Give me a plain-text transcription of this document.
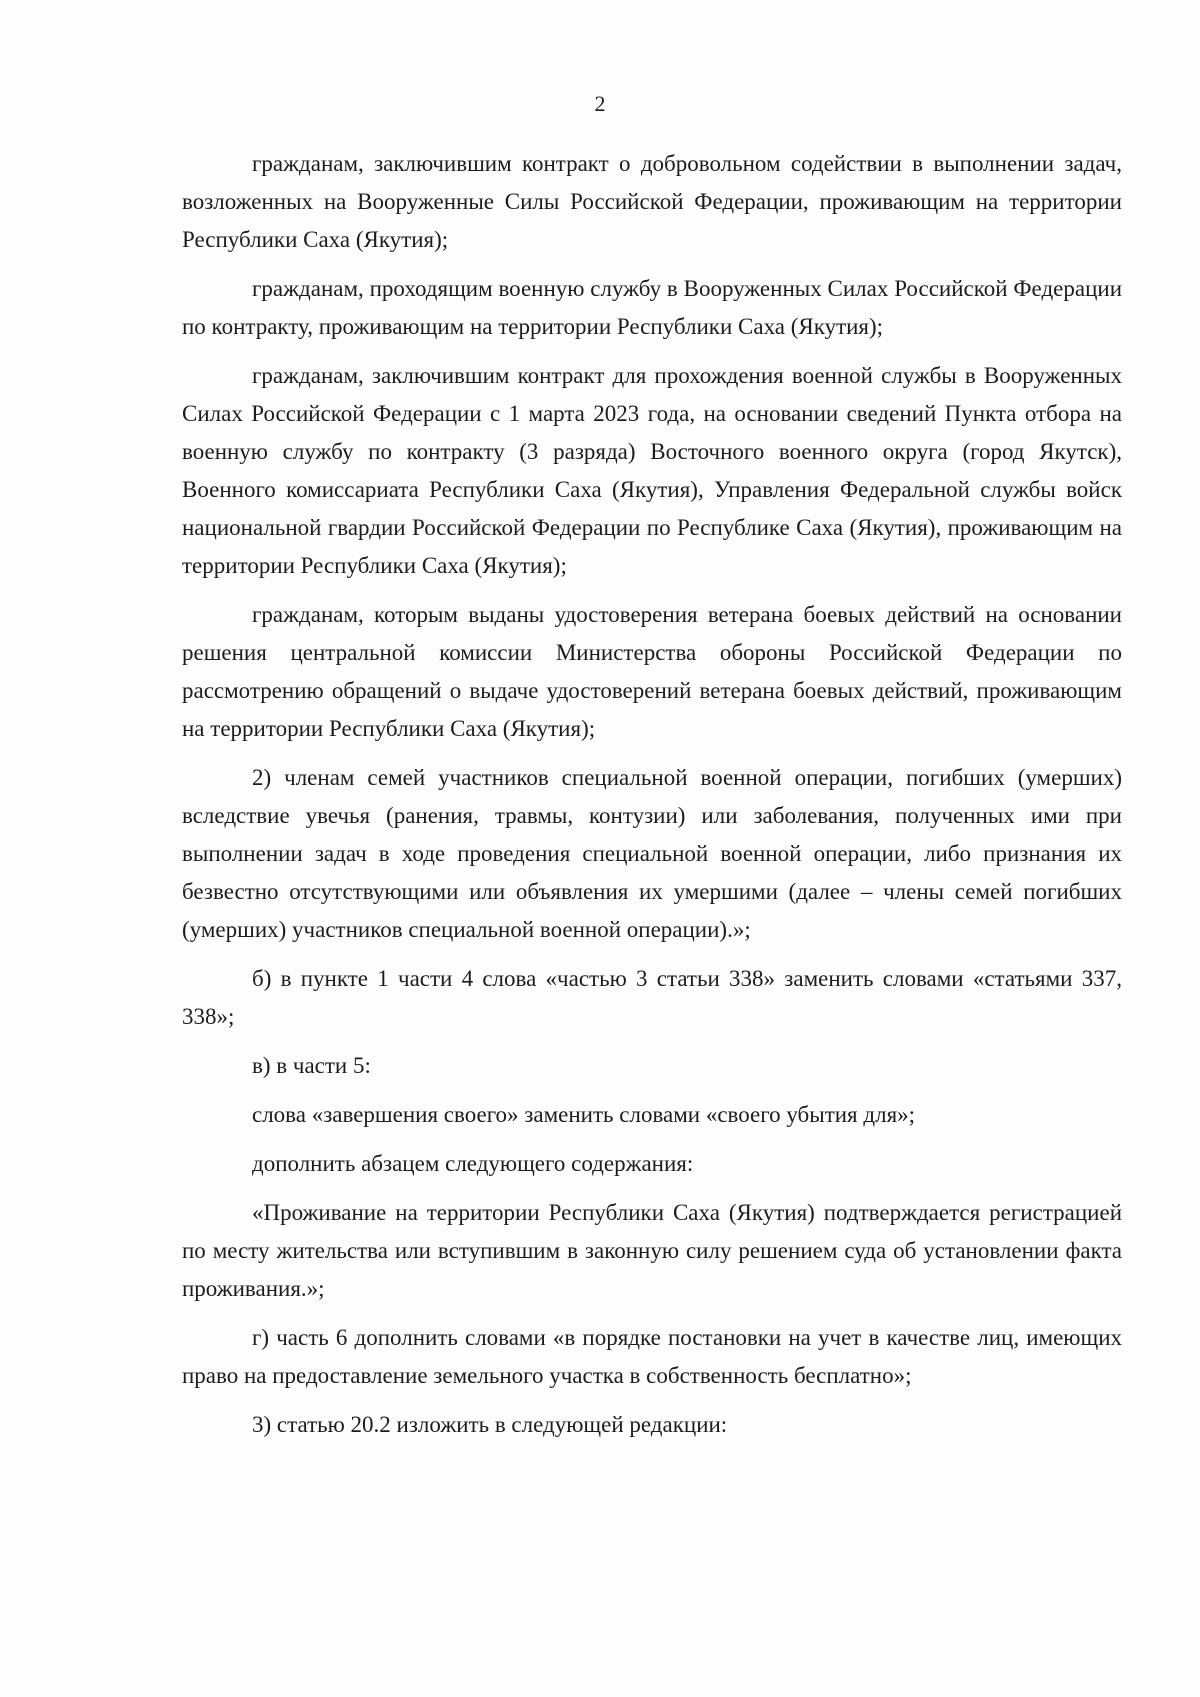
2

гражданам, заключившим контракт о добровольном содействии в выполнении задач, возложенных на Вооруженные Силы Российской Федерации, проживающим на территории Республики Саха (Якутия);

гражданам, проходящим военную службу в Вооруженных Силах Российской Федерации по контракту, проживающим на территории Республики Саха (Якутия);

гражданам, заключившим контракт для прохождения военной службы в Вооруженных Силах Российской Федерации с 1 марта 2023 года, на основании сведений Пункта отбора на военную службу по контракту (3 разряда) Восточного военного округа (город Якутск), Военного комиссариата Республики Саха (Якутия), Управления Федеральной службы войск национальной гвардии Российской Федерации по Республике Саха (Якутия), проживающим на территории Республики Саха (Якутия);

гражданам, которым выданы удостоверения ветерана боевых действий на основании решения центральной комиссии Министерства обороны Российской Федерации по рассмотрению обращений о выдаче удостоверений ветерана боевых действий, проживающим на территории Республики Саха (Якутия);

2) членам семей участников специальной военной операции, погибших (умерших) вследствие увечья (ранения, травмы, контузии) или заболевания, полученных ими при выполнении задач в ходе проведения специальной военной операции, либо признания их безвестно отсутствующими или объявления их умершими (далее – члены семей погибших (умерших) участников специальной военной операции).»;

б) в пункте 1 части 4 слова «частью 3 статьи 338» заменить словами «статьями 337, 338»;

в) в части 5:

слова «завершения своего» заменить словами «своего убытия для»;

дополнить абзацем следующего содержания:

«Проживание на территории Республики Саха (Якутия) подтверждается регистрацией по месту жительства или вступившим в законную силу решением суда об установлении факта проживания.»;

г) часть 6 дополнить словами «в порядке постановки на учет в качестве лиц, имеющих право на предоставление земельного участка в собственность бесплатно»;

3) статью 20.2 изложить в следующей редакции:
